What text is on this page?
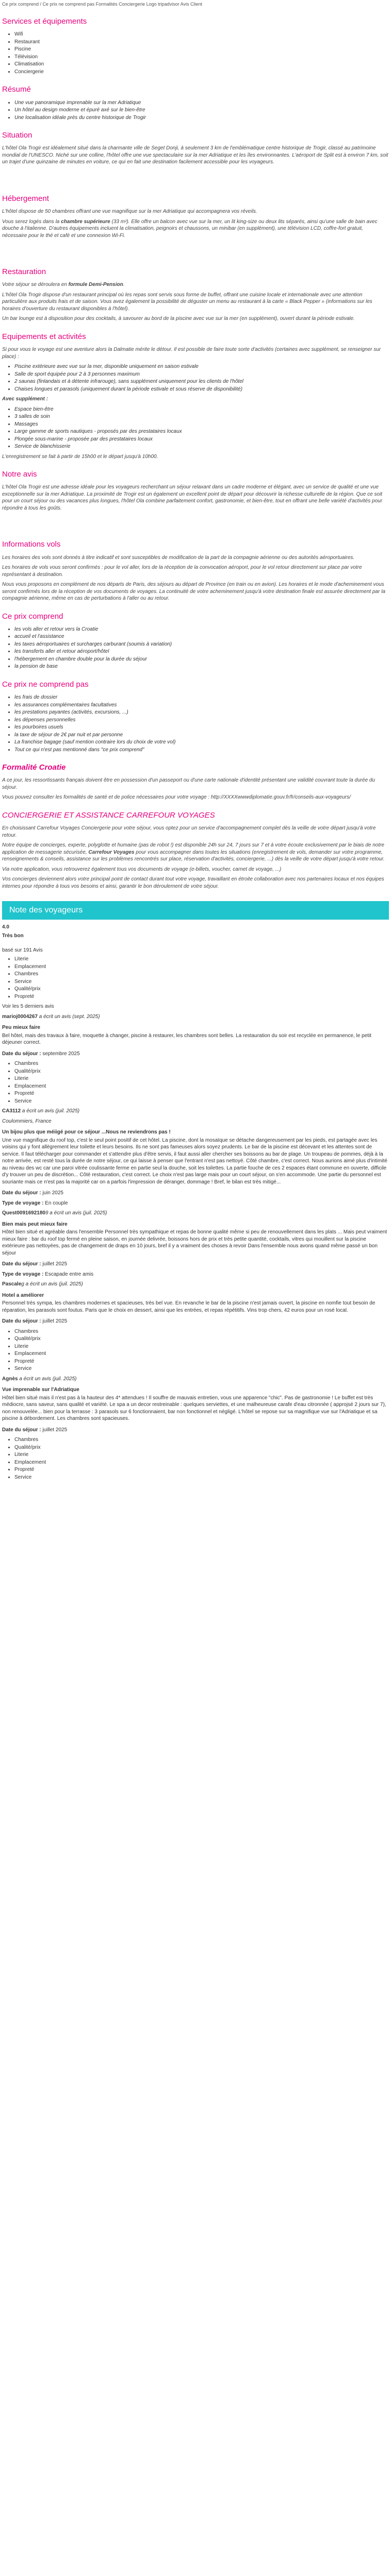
Ce prix comprend / Ce prix ne comprend pas Formalités Conciergerie Logo tripadvisor Avis Client
Services et équipements
• Wifi
• Restaurant
• Piscine
• Télévision
• Climatisation
• Conciergerie
Résumé
• Une vue panoramique imprenable sur la mer Adriatique
• Un hôtel au design moderne et épuré axé sur le bien-être
• Une localisation idéale près du centre historique de Trogir
Situation

L'hôtel Ola Trogir est idéalement situé dans la charmante ville de Seget Donji, à seulement 3 km de l'emblématique centre historique de Trogir, classé au patrimoine mondial de l'UNESCO. Niché sur une colline, l'hôtel offre une vue spectaculaire sur la mer Adriatique et les îles environnantes. L'aéroport de Split est à environ 7 km, soit un trajet d'une quinzaine de minutes en voiture, ce qui en fait une destination facilement accessible pour les voyageurs.

Hébergement

L'hôtel dispose de 50 chambres offrant une vue magnifique sur la mer Adriatique qui accompagnera vos réveils.

Vous serez logés dans la chambre supérieure (33 m²). Elle offre un balcon avec vue sur la mer, un lit king-size ou deux lits séparés, ainsi qu'une salle de bain avec douche à l'italienne. D'autres équipements incluent la climatisation, peignoirs et chaussons, un minibar (en supplément), une télévision LCD, coffre-fort gratuit, nécessaire pour le thé et café et une connexion Wi-Fi.

Restauration

Votre séjour se déroulera en formule Demi-Pension.

L'hôtel Ola Trogir dispose d'un restaurant principal où les repas sont servis sous forme de buffet, offrant une cuisine locale et internationale avec une attention particulière aux produits frais et de saison. Vous avez également la possibilité de déguster un menu au restaurant à la carte « Black Pepper » (informations sur les horaires d'ouverture du restaurant disponibles à l'hôtel).

Un bar lounge est à disposition pour des cocktails, à savourer au bord de la piscine avec vue sur la mer (en supplément), ouvert durant la période estivale.

Equipements et activités

Si pour vous le voyage est une aventure alors la Dalmatie mérite le détour. Il est possible de faire toute sorte d'activités (certaines avec supplément, se renseigner sur place) :

• Piscine extérieure avec vue sur la mer, disponible uniquement en saison estivale
• Salle de sport équipée pour 2 à 3 personnes maximum
• 2 saunas (finlandais et à détente infrarouge), sans supplément uniquement pour les clients de l'hôtel
• Chaises longues et parasols (uniquement durant la période estivale et sous réserve de disponibilité)

Avec supplément :

• Espace bien-être
• 3 salles de soin
• Massages
• Large gamme de sports nautiques - proposés par des prestataires locaux
• Plongée sous-marine - proposée par des prestataires locaux
• Service de blanchisserie

L'enregistrement se fait à partir de 15h00 et le départ jusqu'à 10h00.

Notre avis

L'hôtel Ola Trogir est une adresse idéale pour les voyageurs recherchant un séjour relaxant dans un cadre moderne et élégant, avec un service de qualité et une vue exceptionnelle sur la mer Adriatique. La proximité de Trogir est un également un excellent point de départ pour découvrir la richesse culturelle de la région. Que ce soit pour un court séjour ou des vacances plus longues, l'hôtel Ola combine parfaitement confort, gastronomie, et bien-être, tout en offrant une belle variété d'activités pour répondre à tous les goûts.

Informations vols

Les horaires des vols sont donnés à titre indicatif et sont susceptibles de modification de la part de la compagnie aérienne ou des autorités aéroportuaires.

Les horaires de vols vous seront confirmés : pour le vol aller, lors de la réception de la convocation aéroport, pour le vol retour directement sur place par votre représentant à destination.

Nous vous proposons en complément de nos départs de Paris, des séjours au départ de Province (en train ou en avion). Les horaires et le mode d'acheminement vous seront confirmés lors de la réception de vos documents de voyages. La continuité de votre acheminement jusqu'à votre destination finale est assurée directement par la compagnie aérienne, même en cas de perturbations à l'aller ou au retour.

Ce prix comprend
• les vols aller et retour vers la Croatie
• accueil et l'assistance
• les taxes aéroportuaires et surcharges carburant (soumis à variation)
• les transferts aller et retour aéroport/hôtel
• l'hébergement en chambre double pour la durée du séjour
• la pension de base
Ce prix ne comprend pas
• les frais de dossier
• les assurances complémentaires facultatives
• les prestations payantes (activités, excursions, ...)
• les dépenses personnelles
• les pourboires usuels
• la taxe de séjour de 2€ par nuit et par personne
• La franchise bagage (sauf mention contraire lors du choix de votre vol)
• Tout ce qui n'est pas mentionné dans "ce prix comprend"
Formalité Croatie

A ce jour, les ressortissants français doivent être en possession d'un passeport ou d'une carte nationale d'identité présentant une validité couvrant toute la durée du séjour.

Vous pouvez consulter les formalités de santé et de police nécessaires pour votre voyage : http://XXXXwwwdiplomatie.gouv.fr/fr/conseils-aux-voyageurs/

CONCIERGERIE ET ASSISTANCE CARREFOUR VOYAGES

En choisissant Carrefour Voyages Conciergerie pour votre séjour, vous optez pour un service d'accompagnement complet dès la veille de votre départ jusqu'à votre retour.

Notre équipe de concierges, experte, polyglotte et humaine (pas de robot !) est disponible 24h sur 24, 7 jours sur 7 et à votre écoute exclusivement par le biais de notre application de messagerie sécurisée, Carrefour Voyages pour vous accompagner dans toutes les situations (enregistrement de vols, demander sur votre programme, renseignements & conseils, assistance sur les problèmes rencontrés sur place, réservation d'activités, conciergerie, ...) dès la veille de votre départ jusqu'à votre retour.

Via notre application, vous retrouverez également tous vos documents de voyage (e-billets, voucher, carnet de voyage, ...)

Vos concierges deviennent alors votre principal point de contact durant tout votre voyage, travaillant en étroite collaboration avec nos partenaires locaux et nos équipes internes pour répondre à tous vos besoins et ainsi, garantir le bon déroulement de votre séjour.

Note des voyageurs
4.0
Très bon
basé sur 191 Avis
• Literie
• Emplacement
• Chambres
• Service
• Qualité/prix
• Propreté
Voir les 5 derniers avis
marioj0004267 a écrit un avis (sept. 2025)
Peu mieux faire
Bel hôtel, mais des travaux à faire, moquette à changer, piscine à restaurer, les chambres sont belles. La restauration du soir est recyclée en permanence, le petit déjeuner correct.
Date du séjour : septembre 2025
• Chambres
• Qualité/prix
• Literie
• Emplacement
• Propreté
• Service
CA3112 a écrit un avis (juil. 2025)
Coulommiers, France
Un bijou plus que méiigé pour ce séjour ...Nous ne reviendrons pas !
Une vue magnifique du roof top, c'est le seul point positif de cet hôtel. La piscine, dont la mosaïque se détache dangereusement par les pieds, est partagée avec les voisins qui y font allègrement leur toilette et leurs besoins. Ils ne sont pas fameuses alors soyez prudents. Le bar de la piscine est décevant et les attentes sont de service. Il faut télécharger pour commander et s'attendre plus d'être servis, il faut aussi aller chercher ses boissons au bar de plage. Un troupeau de pommes, déjà à la notre arrivée, est resté tous la durée de notre séjour, ce qui laisse à penser que l'entrant n'est pas nettoyé. Côté chambre, c'est correct. Nous aurions aimé plus d'intimité au niveau des wc car une paroi vitrée coulissante ferme en partie seul la douche, soit les toilettes. La partie fouche de ces 2 espaces étant commune en ouverte, difficile d'y trouver un peu de discrétion... Côté restauration, c'est correct. Le choix n'est pas large mais pour un court séjour, on s'en accommode. Une partie du personnel est souriante mais ce n'est pas la majorité car on a parfois l'impression de déranger, dommage ! Bref, le bilan est très mitigé...
Date du séjour : juin 2025
Type de voyage : En couple
Quest00916921809 a écrit un avis (juil. 2025)
Bien mais peut mieux faire
Hôtel bien situé et agréable dans l'ensemble Personnel très sympathique et repas de bonne qualité même si peu de renouvellement dans les plats ... Mais peut vraiment mieux faire : bar du roof top fermé en pleine saison, en journée delivrée, boissons hors de prix et très petite quantité, cocktails, vitres qui mouillent sur la piscine extérieure pas nettoyées, pas de changement de draps en 10 jours, bref il y a vraiment des choses à revoir Dans l'ensemble nous avons quand même passé un bon séjour
Date du séjour : juillet 2025
Type de voyage : Escapade entre amis
Pascaleg a écrit un avis (juil. 2025)
Hotel a améliorer
Personnel très sympa, les chambres modernes et spacieuses, très bel vue. En revanche le bar de la piscine n'est jamais ouvert, la piscine en nomfie tout besoin de réparation, les parasols sont foutus. Paris que le choix en dessert, ainsi que les entrées, et repas répétitifs. Vins trop chers, 42 euros pour un rosé local.
Date du séjour : juillet 2025
• Chambres
• Qualité/prix
• Literie
• Emplacement
• Propreté
• Service
Agnès a écrit un avis (juil. 2025)
Vue imprenable sur l'Adriatique
Hôtel bien situé mais il n'est pas à la hauteur des 4* attendues ! Il souffre de mauvais entretien, vous une apparence "chic". Pas de gastronomie ! Le buffet est très médiocre, sans saveur, sans qualité et variété. Le spa a un decor restreinable : quelques serviettes, et une malheureuse carafe d'eau citronnée ( approjsé 2 jours sur 7), non renouvelée... bien pour la terrasse : 3 parasols sur 6 fonctionnaient, bar non fonctionnel et négligé. L'hôtel se repose sur sa magnifique vue sur l'Adriatique et sa piscine à débordement. Les chambres sont spacieuses.
Date du séjour : juillet 2025
• Chambres
• Qualité/prix
• Literie
• Emplacement
• Propreté
• Service
